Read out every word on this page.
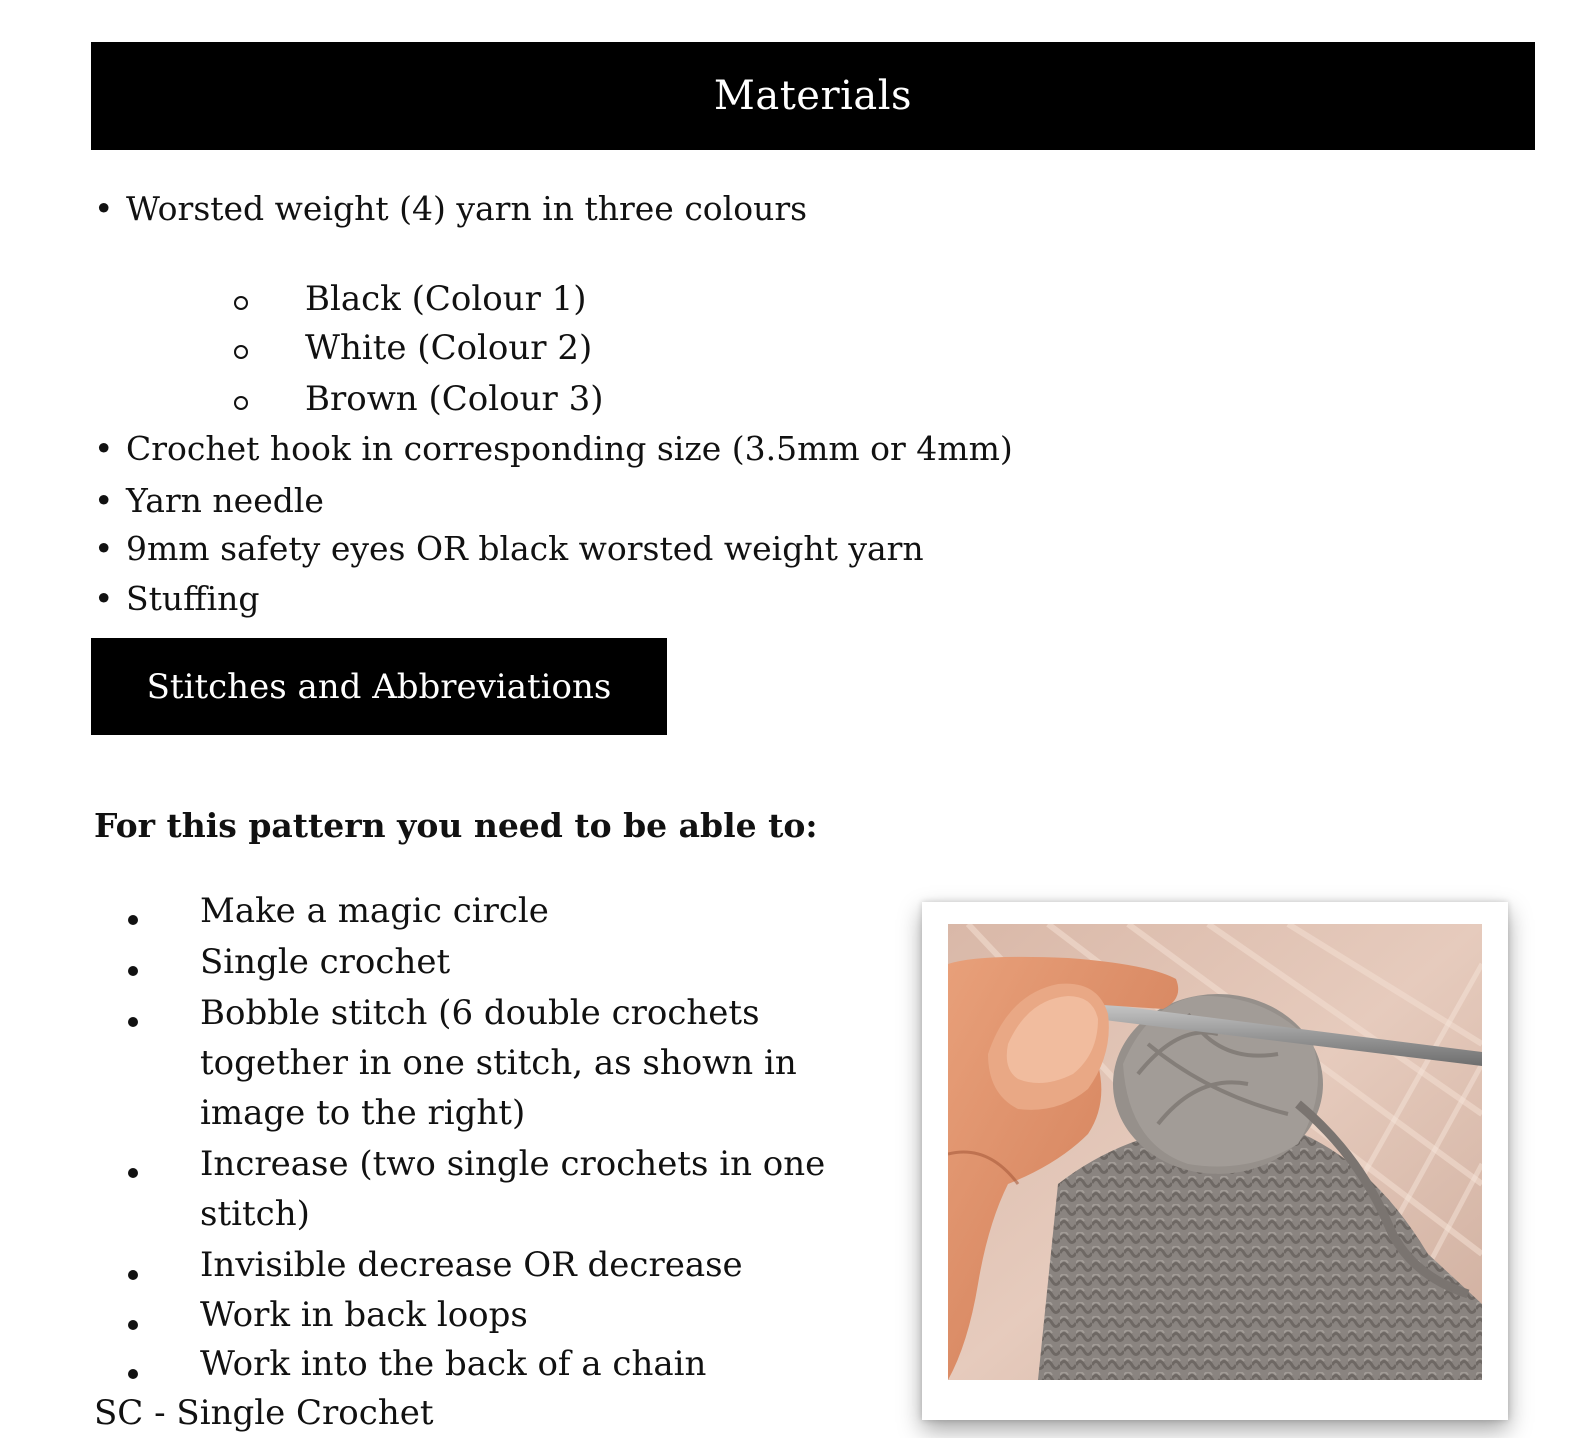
Materials
• Worsted weight (4) yarn in three colours
Black (Colour 1)
White (Colour 2)
Brown (Colour 3)
• Crochet hook in corresponding size (3.5mm or 4mm)
• Yarn needle
• 9mm safety eyes OR black worsted weight yarn
• Stuffing
Stitches and Abbreviations
For this pattern you need to be able to:
Make a magic circle
Single crochet
Bobble stitch (6 double crochets
together in one stitch, as shown in
image to the right)
Increase (two single crochets in one
stitch)
Invisible decrease OR decrease
Work in back loops
Work into the back of a chain
SC - Single Crochet
